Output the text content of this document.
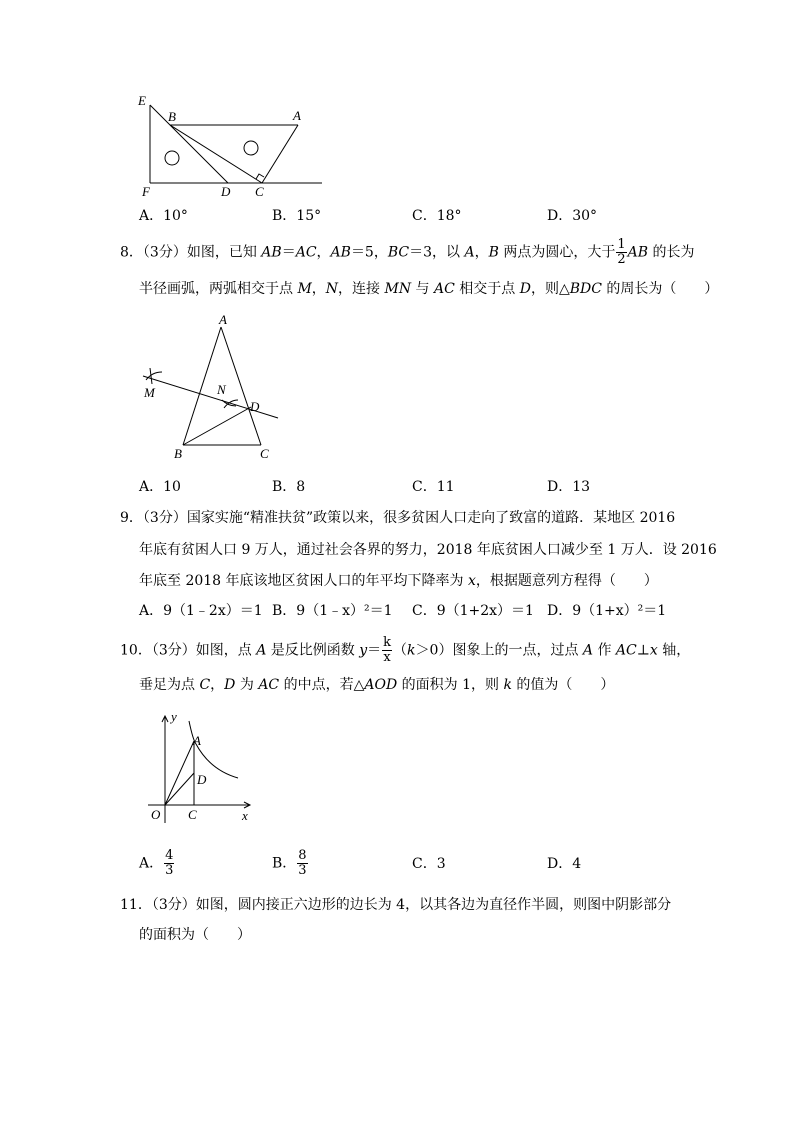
E
B	A
F	D C
A．10°	B．15°	C．18°	D．30°
8．（3分）如图，已知 AB＝AC，AB＝5，BC＝3，以 A，B 两点为圆心，大于 $\frac{1}{2}$ AB 的长为
半径画弧，两弧相交于点 M，N，连接 MN 与 AC 相交于点 D，则△BDC 的周长为（　　）
A
N
M
D
B	C
A．10	B．8	C．11	D．13
9．（3分）国家实施“精准扶贫”政策以来，很多贫困人口走向了致富的道路．某地区 2016
年底有贫困人口 9 万人，通过社会各界的努力，2018 年底贫困人口减少至 1 万人．设 2016
年底至 2018 年底该地区贫困人口的年平均下降率为 x，根据题意列方程得（　　）
A．9（1﹣2x）＝1 B．9（1﹣x）²＝1 C．9（1+2x）＝1 D．9（1+x）²＝1
10．（3分）如图，点 A 是反比例函数 $y= \frac{k}{x} (k>0)$图象上的一点，过点 A 作 AC⊥x 轴，
垂足为点 C，D 为 AC 的中点，若△AOD 的面积为 1，则 k 的值为（　　）
y
A
D
O C	x
A． $\frac{4}{3}$	B． $\frac{8}{3}$	C．3	D．4
11．（3分）如图，圆内接正六边形的边长为 4，以其各边为直径作半圆，则图中阴影部分
的面积为（　　）
